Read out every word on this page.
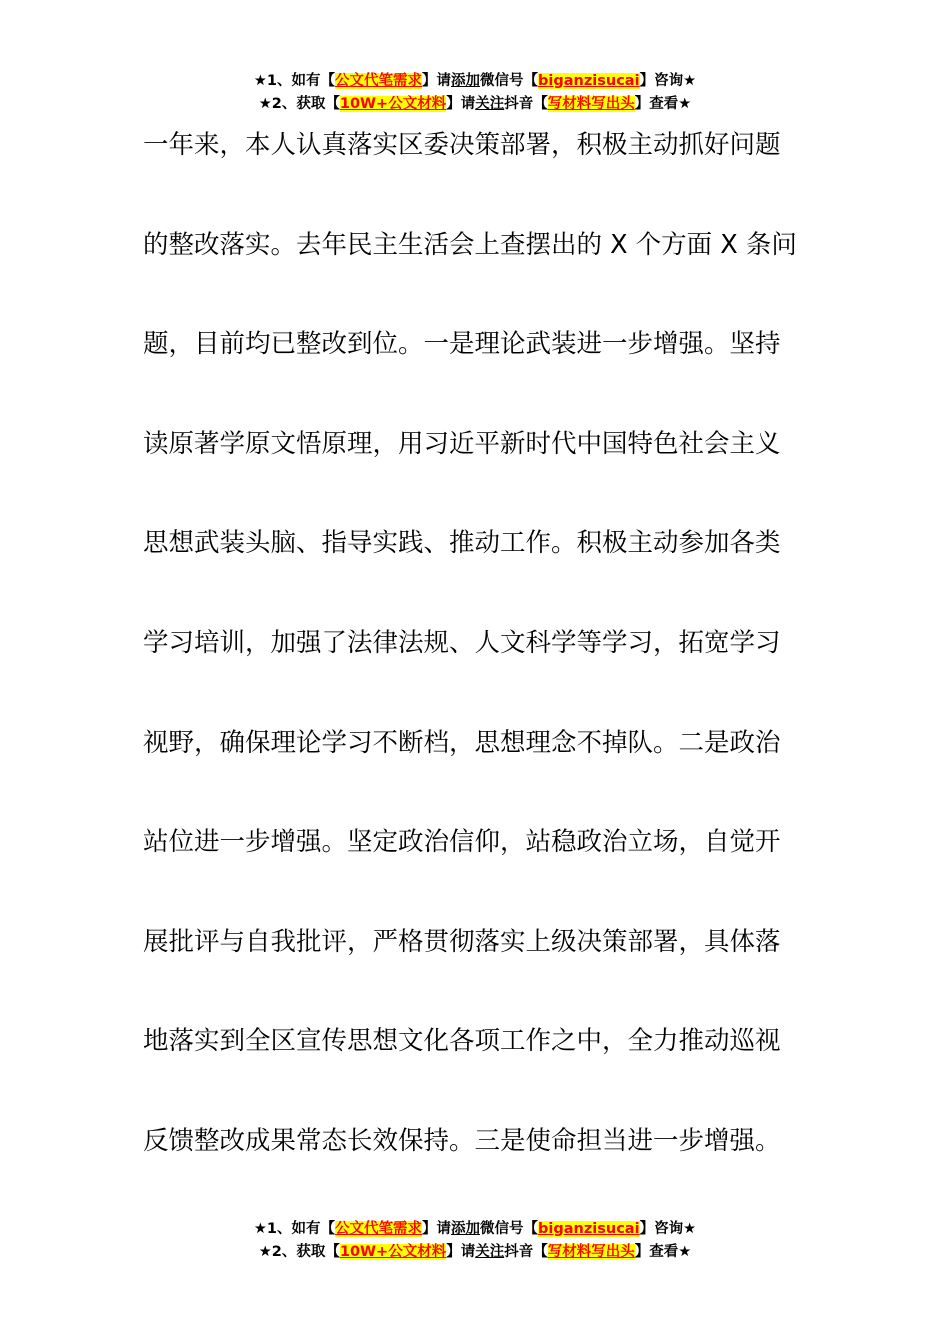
★1、如有【公文代笔需求】请添加微信号【biganzisucai】咨询★
★2、获取【10W+公文材料】请关注抖音【写材料写出头】查看★
一年来，本人认真落实区委决策部署，积极主动抓好问题
的整改落实。去年民主生活会上查摆出的 X 个方面 X 条问
题，目前均已整改到位。一是理论武装进一步增强。坚持
读原著学原文悟原理，用习近平新时代中国特色社会主义
思想武装头脑、指导实践、推动工作。积极主动参加各类
学习培训，加强了法律法规、人文科学等学习，拓宽学习
视野，确保理论学习不断档，思想理念不掉队。二是政治
站位进一步增强。坚定政治信仰，站稳政治立场，自觉开
展批评与自我批评，严格贯彻落实上级决策部署，具体落
地落实到全区宣传思想文化各项工作之中，全力推动巡视
反馈整改成果常态长效保持。三是使命担当进一步增强。
★1、如有【公文代笔需求】请添加微信号【biganzisucai】咨询★
★2、获取【10W+公文材料】请关注抖音【写材料写出头】查看★
